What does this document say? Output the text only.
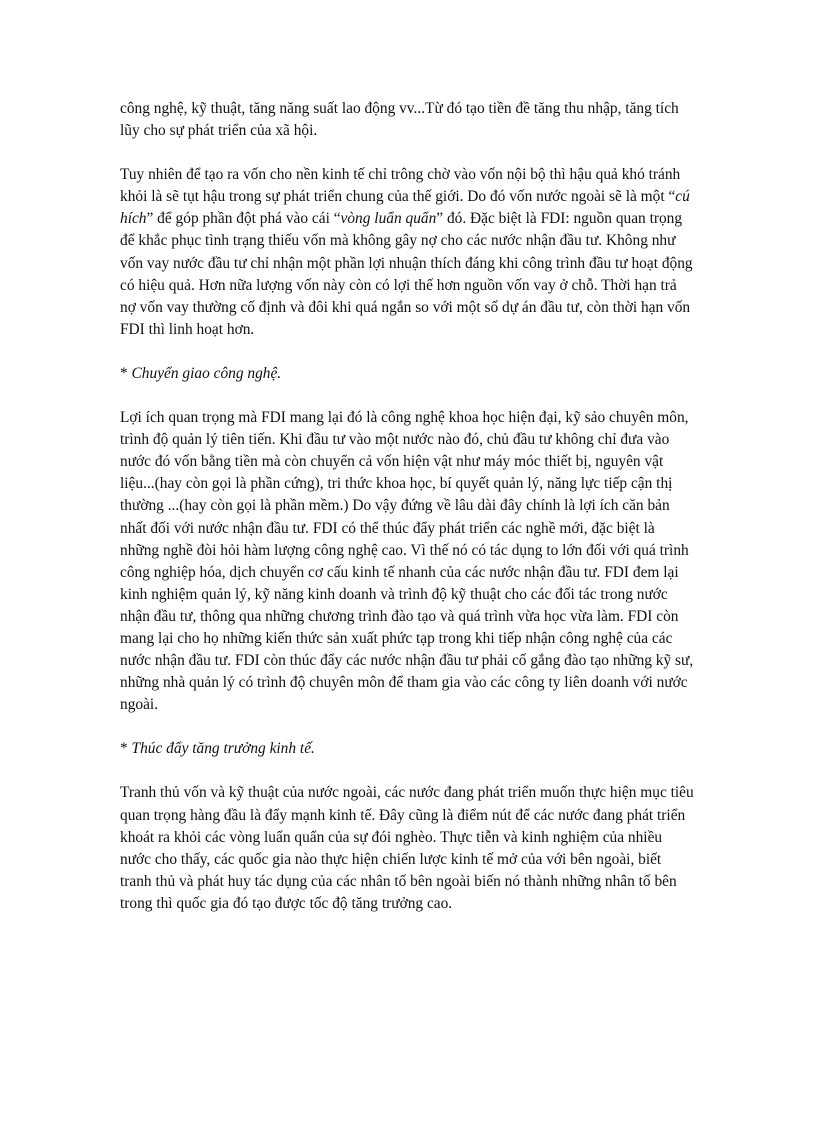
công nghệ, kỹ thuật, tăng năng suất lao động vv...Từ đó tạo tiền đề tăng thu nhập, tăng tích lũy cho sự phát triển của xã hội.

Tuy nhiên để tạo ra vốn cho nền kinh tế chỉ trông chờ vào vốn nội bộ thì hậu quả khó tránh khỏi là sẽ tụt hậu trong sự phát triển chung của thế giới. Do đó vốn nước ngoài sẽ là một “cú hích” để góp phần đột phá vào cái “vòng luẩn quẩn” đó. Đặc biệt là FDI: nguồn quan trọng để khắc phục tình trạng thiếu vốn mà không gây nợ cho các nước nhận đầu tư. Không như vốn vay nước đầu tư chỉ nhận một phần lợi nhuận thích đáng khi công trình đầu tư hoạt động có hiệu quả. Hơn nữa lượng vốn này còn có lợi thế hơn nguồn vốn vay ở chỗ. Thời hạn trả nợ vốn vay thường cố định và đôi khi quá ngắn so với một số dự án đầu tư, còn thời hạn vốn FDI thì linh hoạt hơn.

* Chuyển giao công nghệ.

Lợi ích quan trọng mà FDI mang lại đó là công nghệ khoa học hiện đại, kỹ sảo chuyên môn, trình độ quản lý tiên tiến. Khi đầu tư vào một nước nào đó, chủ đầu tư không chỉ đưa vào nước đó vốn bằng tiền mà còn chuyển cả vốn hiện vật như máy móc thiết bị, nguyên vật liệu...(hay còn gọi là phần cứng), tri thức khoa học, bí quyết quản lý, năng lực tiếp cận thị thường ...(hay còn gọi là phần mềm.) Do vậy đứng về lâu dài đây chính là lợi ích căn bản nhất đối với nước nhận đầu tư. FDI có thể thúc đẩy phát triển các nghề mới, đặc biệt là những nghề đòi hỏi hàm lượng công nghệ cao. Vì thế nó có tác dụng to lớn đối với quá trình công nghiệp hóa, dịch chuyển cơ cấu kinh tế nhanh của các nước nhận đầu tư. FDI đem lại kinh nghiệm quản lý, kỹ năng kinh doanh và trình độ kỹ thuật cho các đối tác trong nước nhận đầu tư, thông qua những chương trình đào tạo và quá trình vừa học vừa làm. FDI còn mang lại cho họ những kiến thức sản xuất phức tạp trong khi tiếp nhận công nghệ của các nước nhận đầu tư. FDI còn thúc đẩy các nước nhận đầu tư phải cố gắng đào tạo những kỹ sư, những nhà quản lý có trình độ chuyên môn để tham gia vào các công ty liên doanh với nước ngoài.

* Thúc đẩy tăng trưởng kinh tế.

Tranh thủ vốn và kỹ thuật của nước ngoài, các nước đang phát triển muốn thực hiện mục tiêu quan trọng hàng đầu là đẩy mạnh kinh tế. Đây cũng là điểm nút để các nước đang phát triển khoát ra khỏi các vòng luẩn quẩn của sự đói nghèo. Thực tiễn và kinh nghiệm của nhiều nước cho thấy, các quốc gia nào thực hiện chiến lược kinh tế mở của với bên ngoài, biết tranh thủ và phát huy tác dụng của các nhân tố bên ngoài biến nó thành những nhân tố bên trong thì quốc gia đó tạo được tốc độ tăng trưởng cao.
